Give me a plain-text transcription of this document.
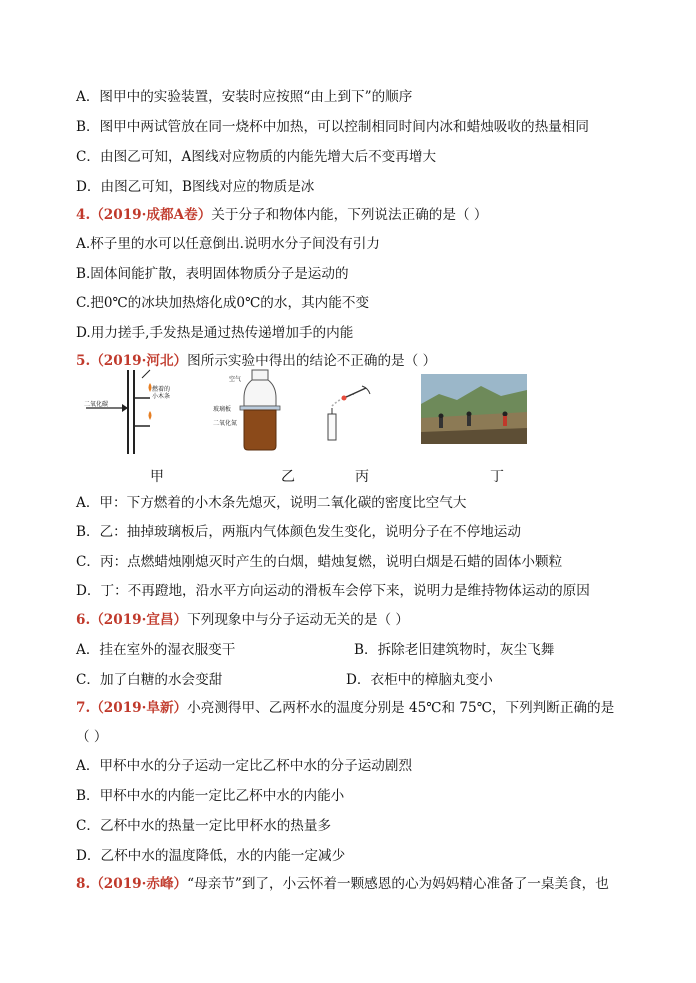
A．图甲中的实验装置，安装时应按照“由上到下”的顺序
B．图甲中两试管放在同一烧杯中加热，可以控制相同时间内冰和蜡烛吸收的热量相同
C．由图乙可知，A图线对应物质的内能先增大后不变再增大
D．由图乙可知，B图线对应的物质是冰
4.（2019·成都A卷）关于分子和物体内能，下列说法正确的是（ ）
A.杯子里的水可以任意倒出.说明水分子间没有引力
B.固体间能扩散，表明固体物质分子是运动的
C.把0℃的冰块加热熔化成0℃的水，其内能不变
D.用力搓手,手发热是通过热传递增加手的内能
5.（2019·河北）图所示实验中得出的结论不正确的是（ ）
二氧化碳
燃着的小木条
空气
玻璃板
二氧化氮
甲	乙	丙	丁
A．甲：下方燃着的小木条先熄灭，说明二氧化碳的密度比空气大
B．乙：抽掉玻璃板后，两瓶内气体颜色发生变化，说明分子在不停地运动
C．丙：点燃蜡烛刚熄灭时产生的白烟，蜡烛复燃，说明白烟是石蜡的固体小颗粒
D．丁：不再蹬地，沿水平方向运动的滑板车会停下来，说明力是维持物体运动的原因
6.（2019·宜昌）下列现象中与分子运动无关的是（ ）
A．挂在室外的湿衣服变干	B．拆除老旧建筑物时，灰尘飞舞
C．加了白糖的水会变甜	D．衣柜中的樟脑丸变小
7.（2019·阜新）小亮测得甲、乙两杯水的温度分别是 45℃和 75℃，下列判断正确的是
（ ）
A．甲杯中水的分子运动一定比乙杯中水的分子运动剧烈
B．甲杯中水的内能一定比乙杯中水的内能小
C．乙杯中水的热量一定比甲杯水的热量多
D．乙杯中水的温度降低，水的内能一定减少
8.（2019·赤峰）“母亲节”到了，小云怀着一颗感恩的心为妈妈精心准备了一桌美食，也
